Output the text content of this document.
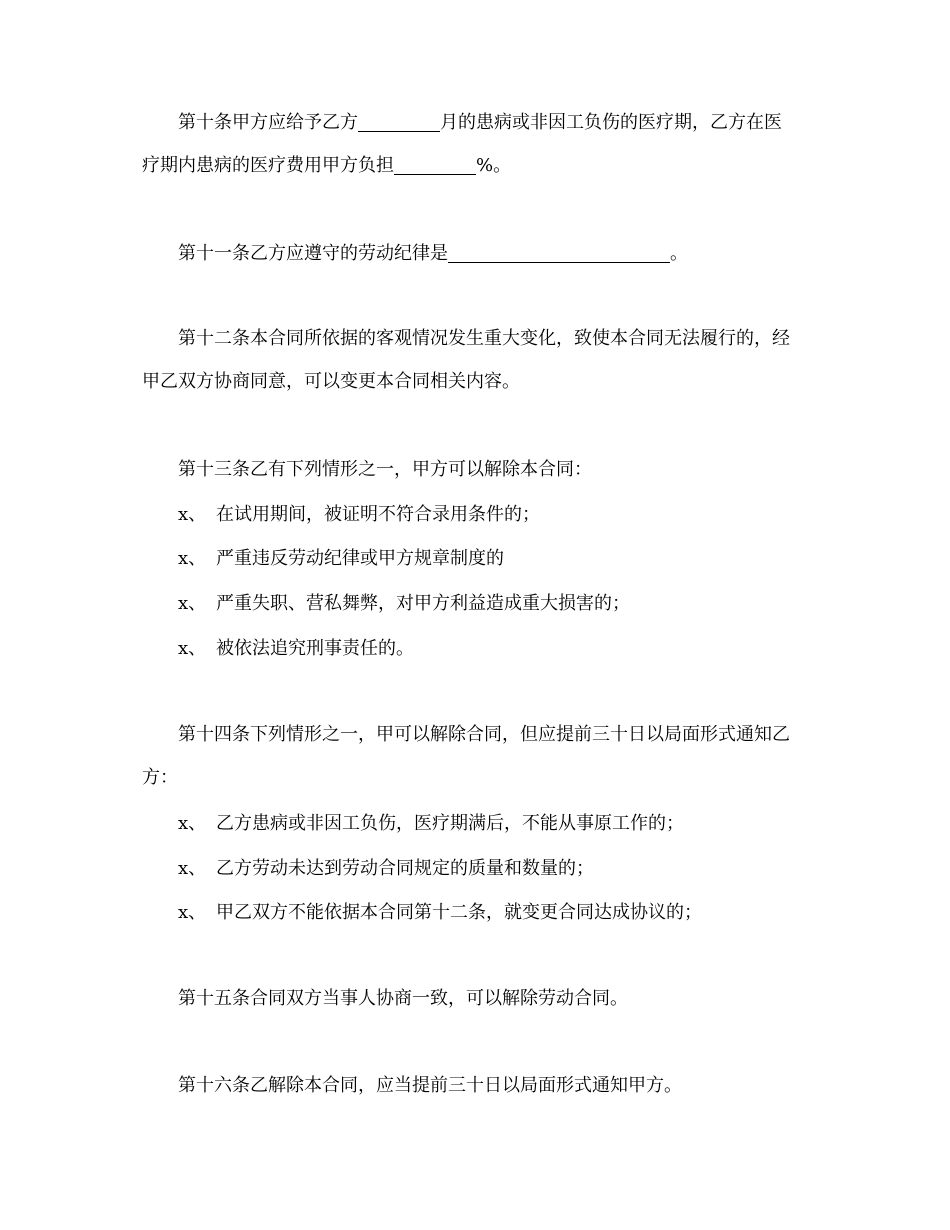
第十条甲方应给予乙方	月的患病或非因工负伤的医疗期，乙方在医
疗期内患病的医疗费用甲方负担	%。
第十一条乙方应遵守的劳动纪律是	。
第十二条本合同所依据的客观情况发生重大变化，致使本合同无法履行的，经
甲乙双方协商同意，可以变更本合同相关内容。
第十三条乙有下列情形之一，甲方可以解除本合同：
x、 在试用期间，被证明不符合录用条件的；
x、 严重违反劳动纪律或甲方规章制度的
x、 严重失职、营私舞弊，对甲方利益造成重大损害的；
x、 被依法追究刑事责任的。
第十四条下列情形之一，甲可以解除合同，但应提前三十日以局面形式通知乙
方：
x、 乙方患病或非因工负伤，医疗期满后，不能从事原工作的；
x、 乙方劳动未达到劳动合同规定的质量和数量的；
x、 甲乙双方不能依据本合同第十二条，就变更合同达成协议的；
第十五条合同双方当事人协商一致，可以解除劳动合同。
第十六条乙解除本合同，应当提前三十日以局面形式通知甲方。
